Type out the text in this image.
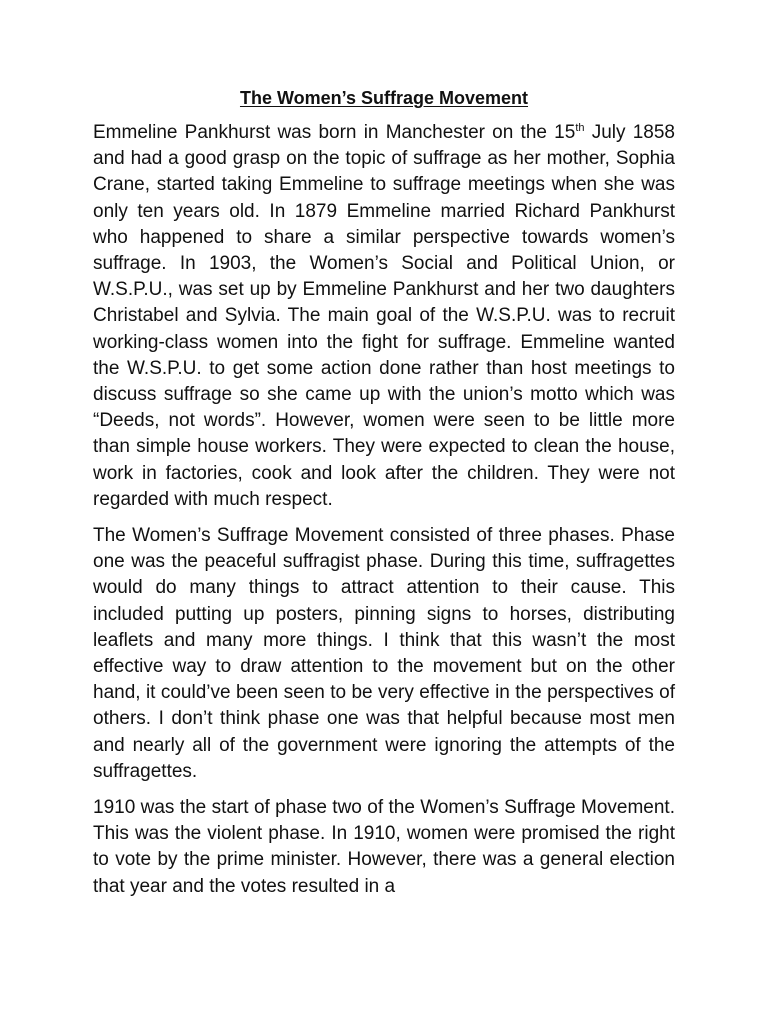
The Women’s Suffrage Movement

Emmeline Pankhurst was born in Manchester on the 15th July 1858 and had a good grasp on the topic of suffrage as her mother, Sophia Crane, started taking Emmeline to suffrage meetings when she was only ten years old. In 1879 Emmeline married Richard Pankhurst who happened to share a similar perspective towards women’s suffrage. In 1903, the Women’s Social and Political Union, or W.S.P.U., was set up by Emmeline Pankhurst and her two daughters Christabel and Sylvia. The main goal of the W.S.P.U. was to recruit working-class women into the fight for suffrage. Emmeline wanted the W.S.P.U. to get some action done rather than host meetings to discuss suffrage so she came up with the union’s motto which was “Deeds, not words”. However, women were seen to be little more than simple house workers. They were expected to clean the house, work in factories, cook and look after the children. They were not regarded with much respect.

The Women’s Suffrage Movement consisted of three phases. Phase one was the peaceful suffragist phase. During this time, suffragettes would do many things to attract attention to their cause. This included putting up posters, pinning signs to horses, distributing leaflets and many more things. I think that this wasn’t the most effective way to draw attention to the movement but on the other hand, it could’ve been seen to be very effective in the perspectives of others. I don’t think phase one was that helpful because most men and nearly all of the government were ignoring the attempts of the suffragettes.

1910 was the start of phase two of the Women’s Suffrage Movement. This was the violent phase. In 1910, women were promised the right to vote by the prime minister. However, there was a general election that year and the votes resulted in a
